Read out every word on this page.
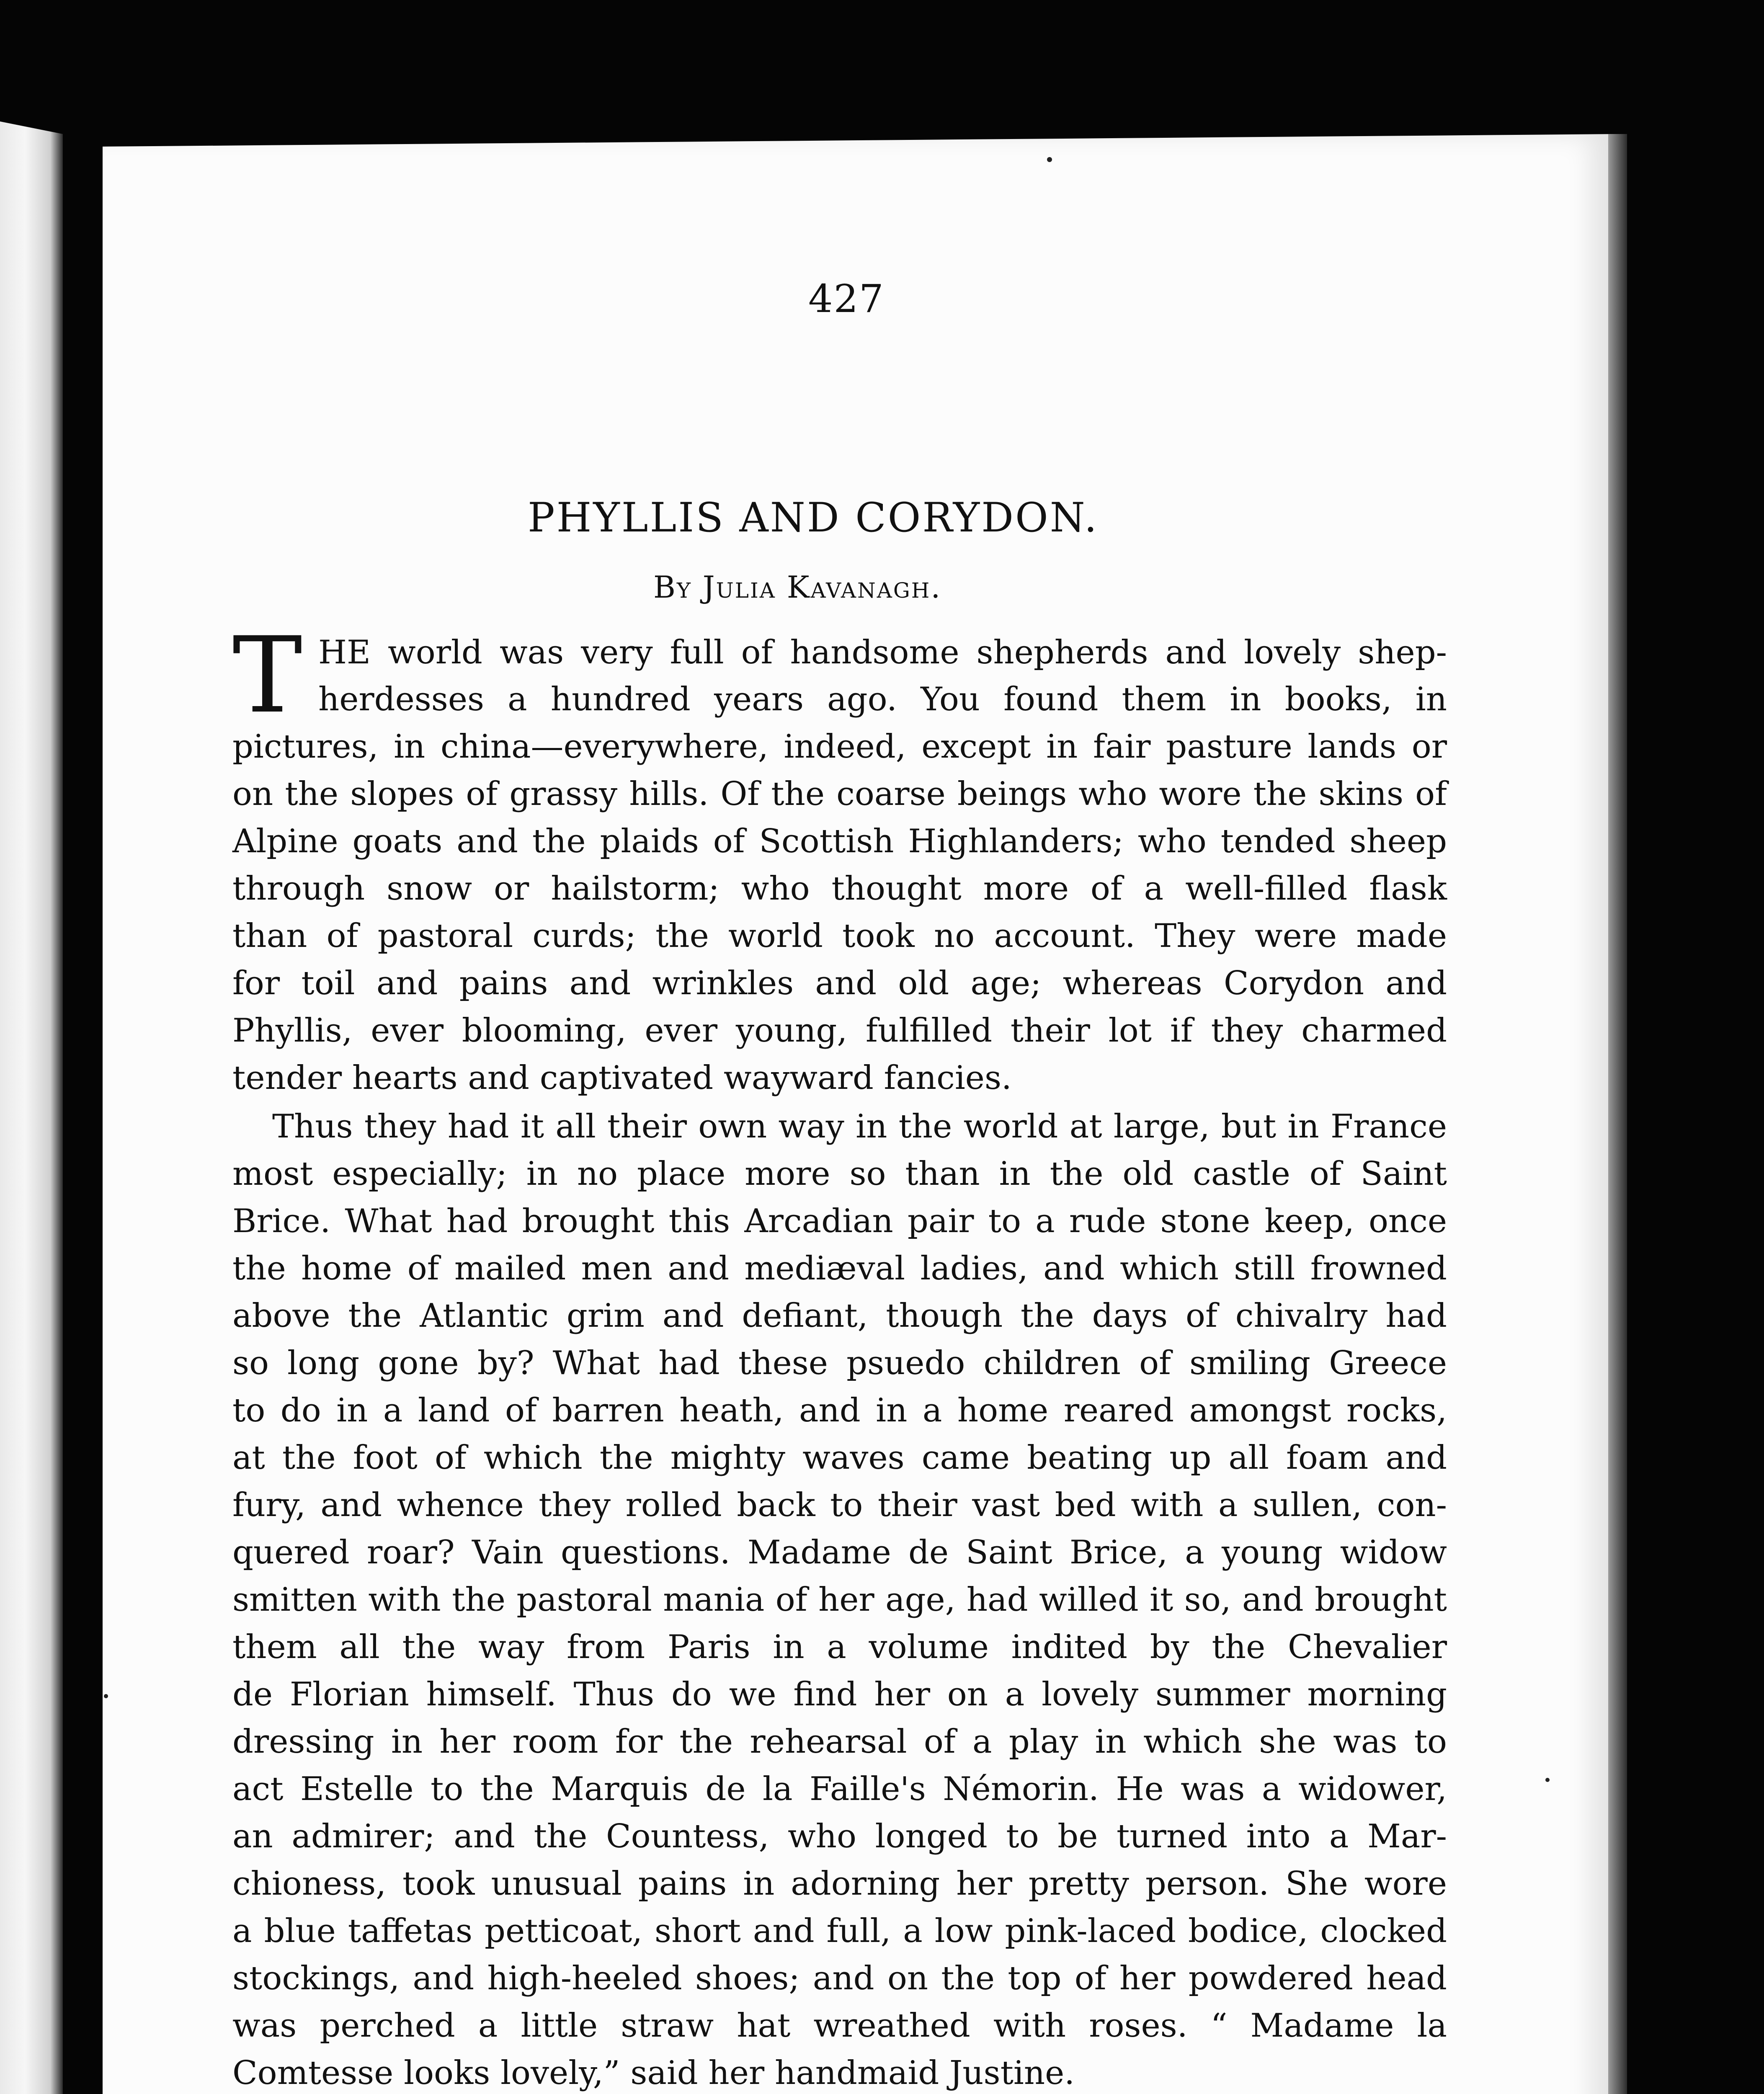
427
PHYLLIS AND CORYDON.
By Julia Kavanagh.
T HE world was very full of handsome shepherds and lovely shep-
herdesses a hundred years ago. You found them in books, in
pictures, in china—everywhere, indeed, except in fair pasture lands or
on the slopes of grassy hills. Of the coarse beings who wore the skins of
Alpine goats and the plaids of Scottish Highlanders; who tended sheep
through snow or hailstorm; who thought more of a well-filled flask
than of pastoral curds; the world took no account. They were made
for toil and pains and wrinkles and old age; whereas Corydon and
Phyllis, ever blooming, ever young, fulfilled their lot if they charmed
tender hearts and captivated wayward fancies.
Thus they had it all their own way in the world at large, but in France
most especially; in no place more so than in the old castle of Saint
Brice. What had brought this Arcadian pair to a rude stone keep, once
the home of mailed men and mediæval ladies, and which still frowned
above the Atlantic grim and defiant, though the days of chivalry had
so long gone by? What had these psuedo children of smiling Greece
to do in a land of barren heath, and in a home reared amongst rocks,
at the foot of which the mighty waves came beating up all foam and
fury, and whence they rolled back to their vast bed with a sullen, con-
quered roar? Vain questions. Madame de Saint Brice, a young widow
smitten with the pastoral mania of her age, had willed it so, and brought
them all the way from Paris in a volume indited by the Chevalier
de Florian himself. Thus do we find her on a lovely summer morning
dressing in her room for the rehearsal of a play in which she was to
act Estelle to the Marquis de la Faille's Némorin. He was a widower,
an admirer; and the Countess, who longed to be turned into a Mar-
chioness, took unusual pains in adorning her pretty person. She wore
a blue taffetas petticoat, short and full, a low pink-laced bodice, clocked
stockings, and high-heeled shoes; and on the top of her powdered head
was perched a little straw hat wreathed with roses. “ Madame la
Comtesse looks lovely,” said her handmaid Justine.
